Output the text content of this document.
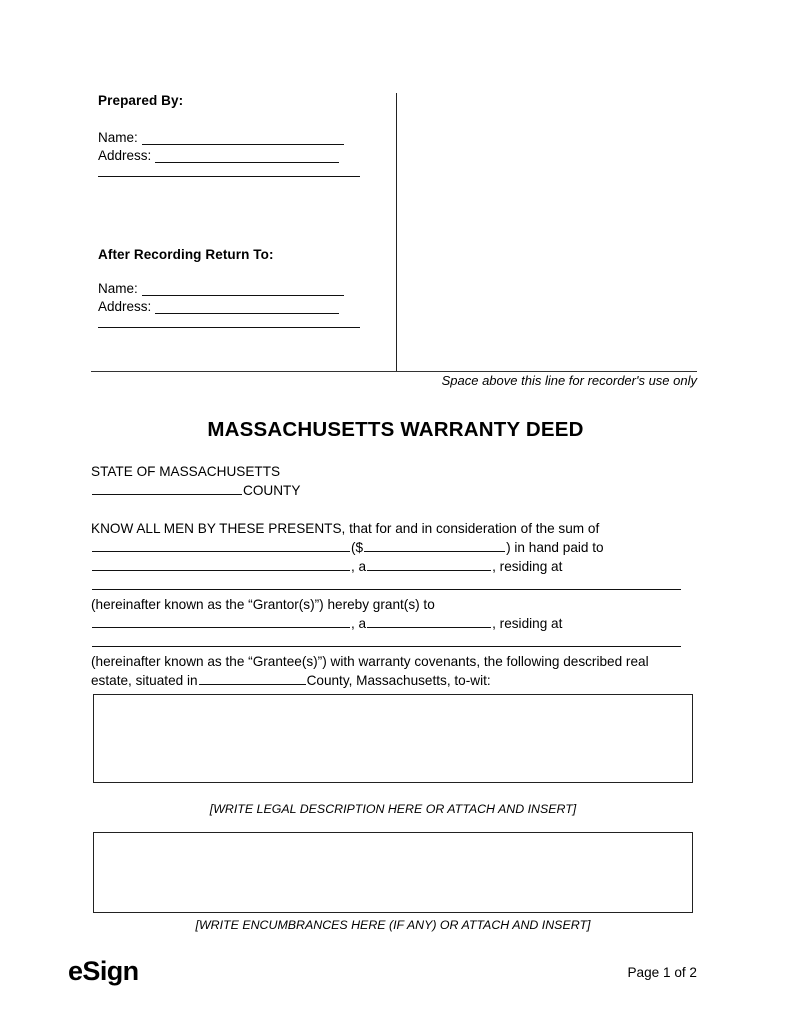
Prepared By:
Name:
Address:
After Recording Return To:
Name:
Address:
Space above this line for recorder's use only
MASSACHUSETTS WARRANTY DEED
STATE OF MASSACHUSETTS
COUNTY

KNOW ALL MEN BY THESE PRESENTS, that for and in consideration of the sum of
($	) in hand paid to
, a	, residing at
(hereinafter known as the “Grantor(s)”) hereby grant(s) to
, a	, residing at
(hereinafter known as the “Grantee(s)”) with warranty covenants, the following described real
estate, situated in	County, Massachusetts, to-wit:
[WRITE LEGAL DESCRIPTION HERE OR ATTACH AND INSERT]
[WRITE ENCUMBRANCES HERE (IF ANY) OR ATTACH AND INSERT]
eSign	Page 1 of 2
